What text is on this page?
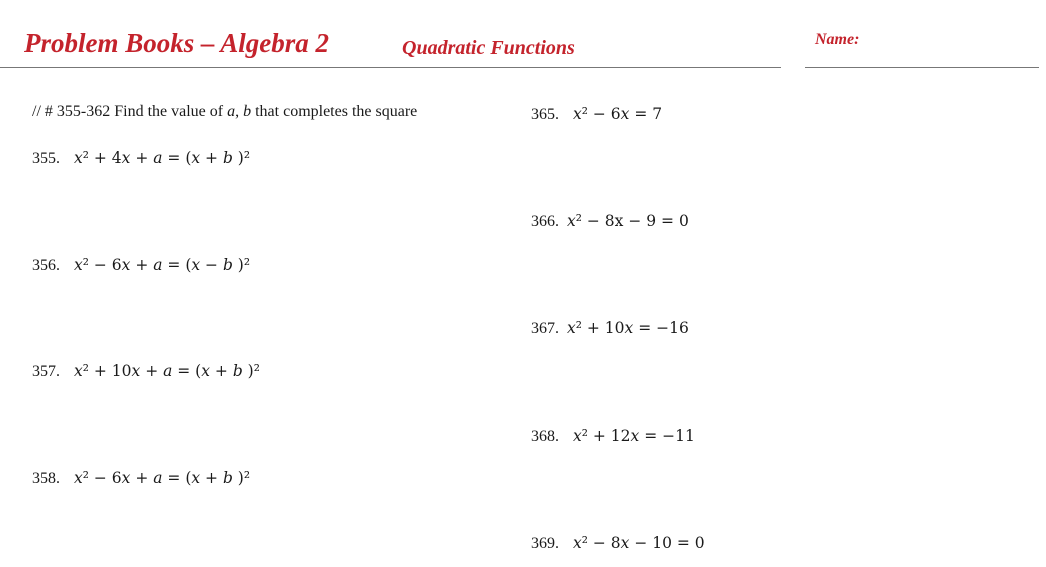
Problem Books – Algebra 2	Quadratic Functions	Name:
// # 355-362 Find the value of a, b that completes the square
355. 𝑥² + 4𝑥 + 𝑎 = (𝑥 + 𝑏 )²
356. 𝑥² − 6𝑥 + 𝑎 = (𝑥 − 𝑏 )²
357. 𝑥² + 10𝑥 + 𝑎 = (𝑥 + 𝑏 )²
358. 𝑥² − 6𝑥 + 𝑎 = (𝑥 + 𝑏 )²
365. 𝑥² − 6𝑥 = 7
366. 𝑥² − 8x − 9 = 0
367. 𝑥² + 10𝑥 = −16
368. 𝑥² + 12𝑥 = −11
369. 𝑥² − 8𝑥 − 10 = 0
